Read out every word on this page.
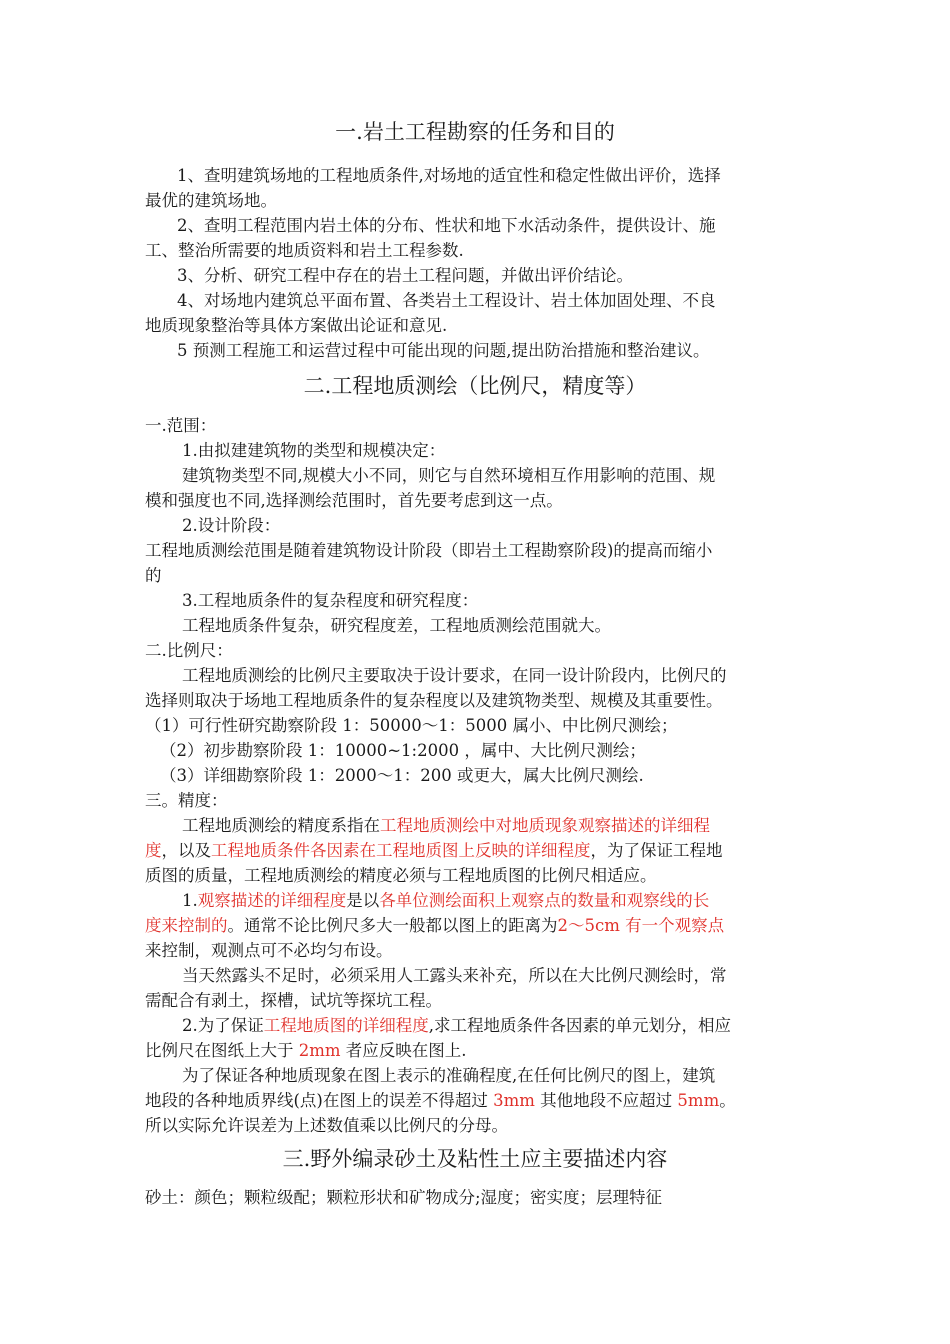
一.岩土工程勘察的任务和目的
1、查明建筑场地的工程地质条件,对场地的适宜性和稳定性做出评价，选择
最优的建筑场地。
2、查明工程范围内岩土体的分布、性状和地下水活动条件，提供设计、施
工、整治所需要的地质资料和岩土工程参数.
3、分析、研究工程中存在的岩土工程问题，并做出评价结论。
4、对场地内建筑总平面布置、各类岩土工程设计、岩土体加固处理、不良
地质现象整治等具体方案做出论证和意见.
5 预测工程施工和运营过程中可能出现的问题,提出防治措施和整治建议。
二.工程地质测绘（比例尺，精度等）
一.范围：
1.由拟建建筑物的类型和规模决定：
建筑物类型不同,规模大小不同，则它与自然环境相互作用影响的范围、规
模和强度也不同,选择测绘范围时，首先要考虑到这一点。
2.设计阶段：
工程地质测绘范围是随着建筑物设计阶段（即岩土工程勘察阶段)的提高而缩小
的
3.工程地质条件的复杂程度和研究程度：
工程地质条件复杂，研究程度差，工程地质测绘范围就大。
二.比例尺：
工程地质测绘的比例尺主要取决于设计要求，在同一设计阶段内，比例尺的
选择则取决于场地工程地质条件的复杂程度以及建筑物类型、规模及其重要性。
（1）可行性研究勘察阶段 1：50000～1：5000 属小、中比例尺测绘；
（2）初步勘察阶段 1：10000~1:2000 ，属中、大比例尺测绘；
（3）详细勘察阶段 1：2000～1：200 或更大，属大比例尺测绘.
三。精度：
工程地质测绘的精度系指在工程地质测绘中对地质现象观察描述的详细程
度，以及工程地质条件各因素在工程地质图上反映的详细程度，为了保证工程地
质图的质量，工程地质测绘的精度必须与工程地质图的比例尺相适应。
1.观察描述的详细程度是以各单位测绘面积上观察点的数量和观察线的长
度来控制的。通常不论比例尺多大一般都以图上的距离为2～5cm 有一个观察点
来控制，观测点可不必均匀布设。
当天然露头不足时，必须采用人工露头来补充，所以在大比例尺测绘时，常
需配合有剥土，探槽，试坑等探坑工程。
2.为了保证工程地质图的详细程度,求工程地质条件各因素的单元划分，相应
比例尺在图纸上大于 2mm 者应反映在图上.
为了保证各种地质现象在图上表示的准确程度,在任何比例尺的图上，建筑
地段的各种地质界线(点)在图上的误差不得超过 3mm 其他地段不应超过 5mm。
所以实际允许误差为上述数值乘以比例尺的分母。
三.野外编录砂土及粘性土应主要描述内容
砂土：颜色；颗粒级配；颗粒形状和矿物成分;湿度；密实度；层理特征
